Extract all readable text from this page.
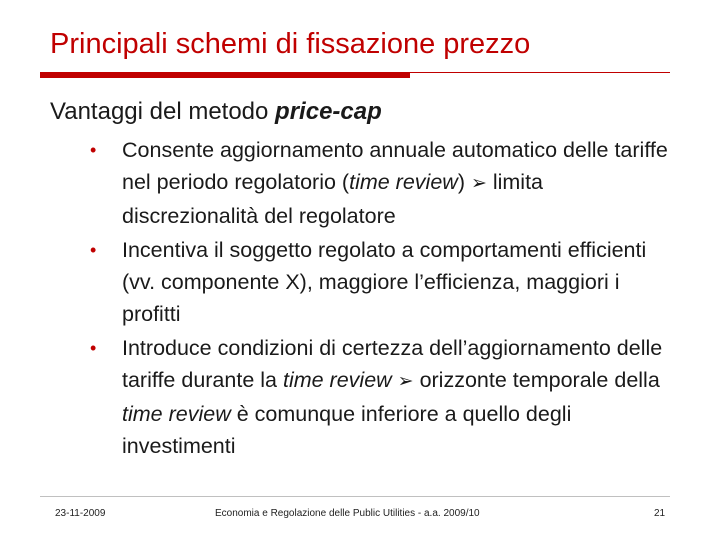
Principali schemi di fissazione prezzo
Vantaggi del metodo price-cap
• Consente aggiornamento annuale automatico delle tariffe nel periodo regolatorio (time review) ➢ limita discrezionalità del regolatore
• Incentiva il soggetto regolato a comportamenti efficienti (vv. componente X), maggiore l’efficienza, maggiori i profitti
• Introduce condizioni di certezza dell’aggiornamento delle tariffe durante la time review ➢ orizzonte temporale della time review è comunque inferiore a quello degli investimenti
23-11-2009	Economia e Regolazione delle Public Utilities - a.a. 2009/10	21
